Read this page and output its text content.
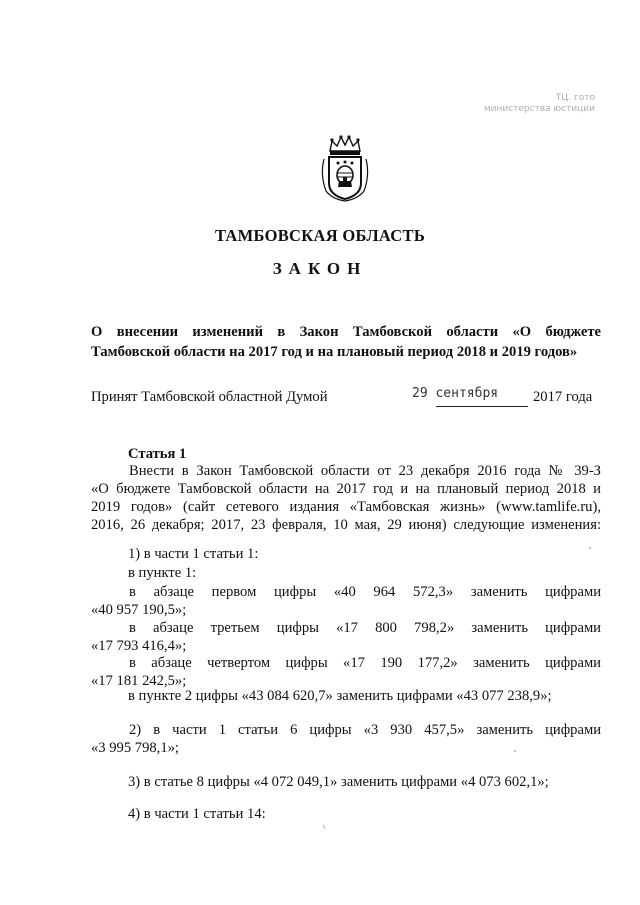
ТЦ. гото
министерства юстиции
ТАМБОВСКАЯ ОБЛАСТЬ
ЗАКОН
О внесении изменений в Закон Тамбовской области «О бюджете
Тамбовской области на 2017 год и на плановый период 2018 и 2019 годов»
Принят Тамбовской областной Думой	29 сентября 2017 года
Статья 1
Внести в Закон Тамбовской области от 23 декабря 2016 года № 39-З
«О бюджете Тамбовской области на 2017 год и на плановый период 2018 и
2019 годов» (сайт сетевого издания «Тамбовская жизнь» (www.tamlife.ru),
2016, 26 декабря; 2017, 23 февраля, 10 мая, 29 июня) следующие изменения:
1) в части 1 статьи 1:
в пункте 1:
в абзаце первом цифры «40 964 572,3» заменить цифрами
«40 957 190,5»;
в абзаце третьем цифры «17 800 798,2» заменить цифрами
«17 793 416,4»;
в абзаце четвертом цифры «17 190 177,2» заменить цифрами
«17 181 242,5»;
в пункте 2 цифры «43 084 620,7» заменить цифрами «43 077 238,9»;
2) в части 1 статьи 6 цифры «3 930 457,5» заменить цифрами
«3 995 798,1»;
3) в статье 8 цифры «4 072 049,1» заменить цифрами «4 073 602,1»;
4) в части 1 статьи 14:
